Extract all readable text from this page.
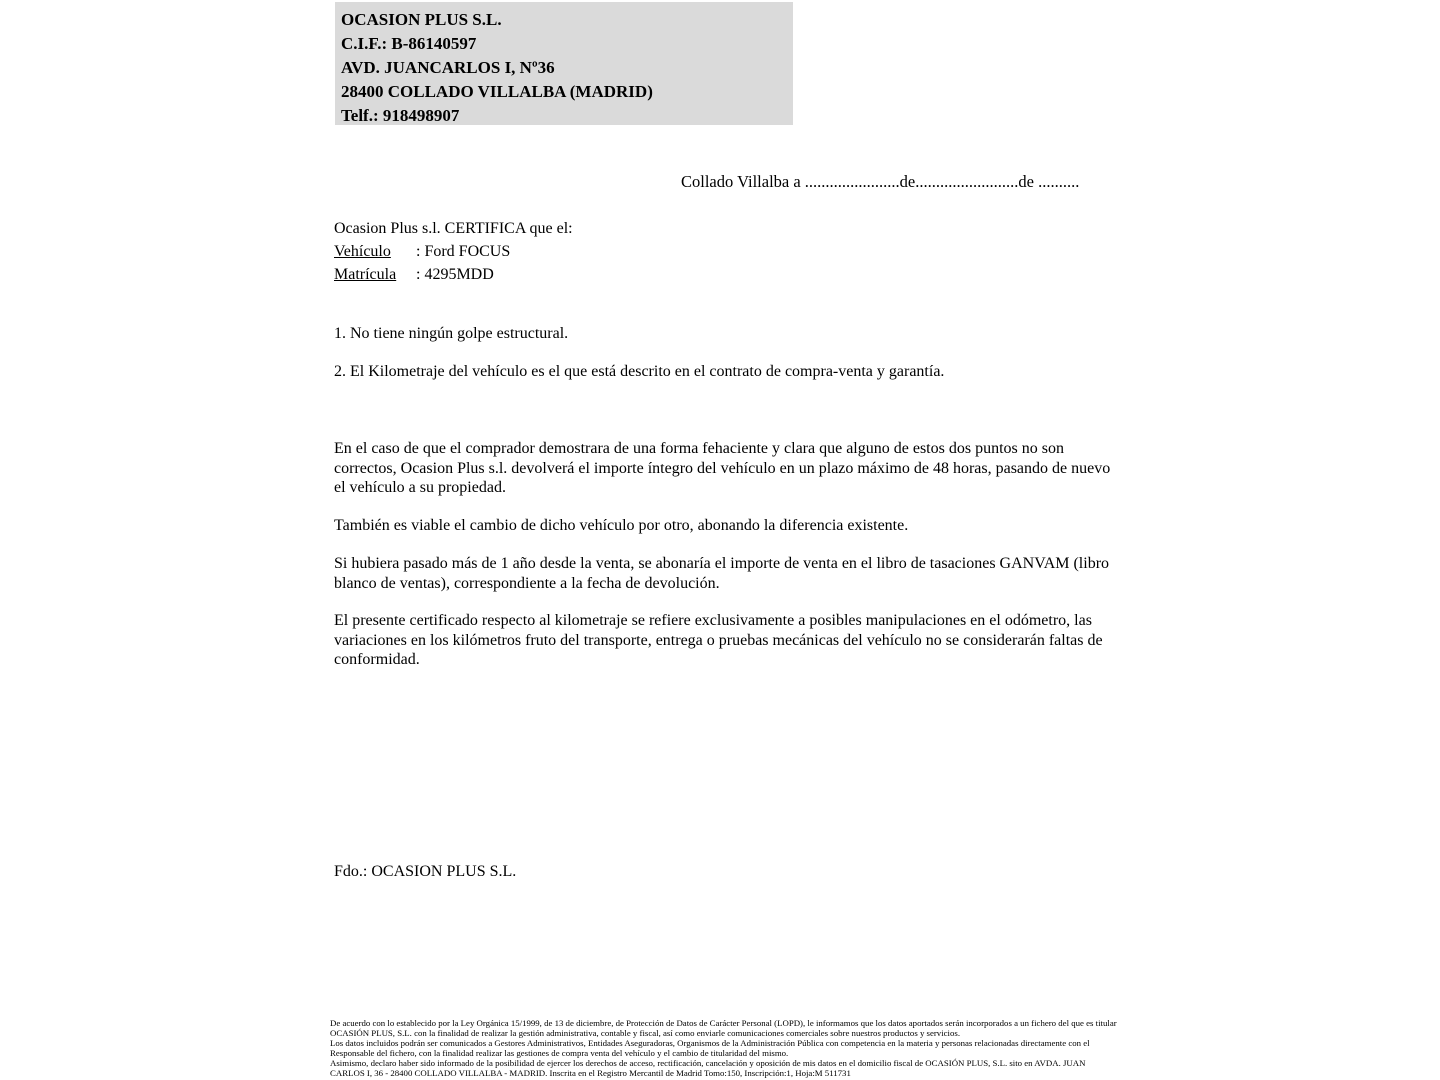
OCASION PLUS S.L.
C.I.F.: B-86140597
AVD. JUANCARLOS I, Nº36
28400 COLLADO VILLALBA (MADRID)
Telf.: 918498907
Collado Villalba a .......................de.........................de ..........
Ocasion Plus s.l. CERTIFICA que el:
Vehículo : Ford FOCUS
Matrícula : 4295MDD
1. No tiene ningún golpe estructural.
2. El Kilometraje del vehículo es el que está descrito en el contrato de compra-venta y garantía.
En el caso de que el comprador demostrara de una forma fehaciente y clara que alguno de estos dos puntos no son correctos, Ocasion Plus s.l. devolverá el importe íntegro del vehículo en un plazo máximo de 48 horas, pasando de nuevo el vehículo a su propiedad.
También es viable el cambio de dicho vehículo por otro, abonando la diferencia existente.
Si hubiera pasado más de 1 año desde la venta, se abonaría el importe de venta en el libro de tasaciones GANVAM (libro blanco de ventas), correspondiente a la fecha de devolución.
El presente certificado respecto al kilometraje se refiere exclusivamente a posibles manipulaciones en el odómetro, las variaciones en los kilómetros fruto del transporte, entrega o pruebas mecánicas del vehículo no se considerarán faltas de conformidad.
Fdo.: OCASION PLUS S.L.
De acuerdo con lo establecido por la Ley Orgánica 15/1999, de 13 de diciembre, de Protección de Datos de Carácter Personal (LOPD), le informamos que los datos aportados serán incorporados a un fichero del que es titular
OCASIÓN PLUS, S.L. con la finalidad de realizar la gestión administrativa, contable y fiscal, así como enviarle comunicaciones comerciales sobre nuestros productos y servicios.
Los datos incluidos podrán ser comunicados a Gestores Administrativos, Entidades Aseguradoras, Organismos de la Administración Pública con competencia en la materia y personas relacionadas directamente con el
Responsable del fichero, con la finalidad realizar las gestiones de compra venta del vehículo y el cambio de titularidad del mismo.
Asimismo, declaro haber sido informado de la posibilidad de ejercer los derechos de acceso, rectificación, cancelación y oposición de mis datos en el domicilio fiscal de OCASIÓN PLUS, S.L. sito en AVDA. JUAN
CARLOS I, 36 - 28400 COLLADO VILLALBA - MADRID. Inscrita en el Registro Mercantil de Madrid Tomo:150, Inscripción:1, Hoja:M 511731
